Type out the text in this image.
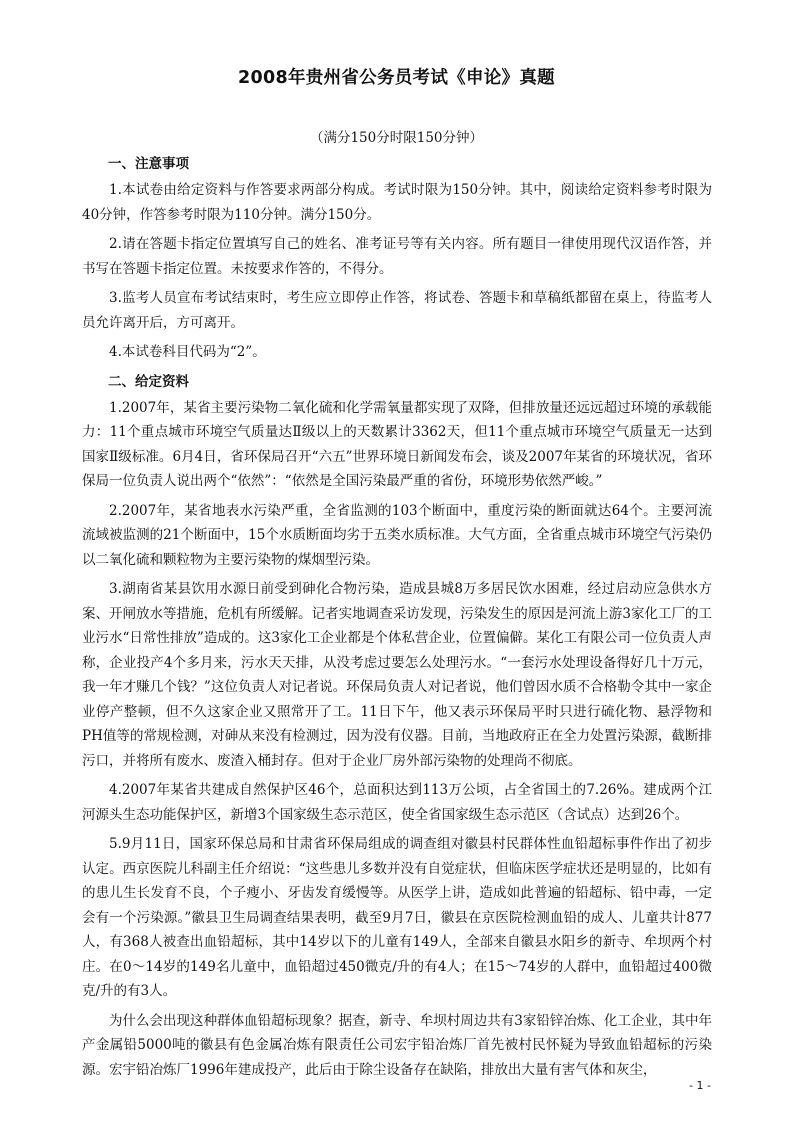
2008年贵州省公务员考试《申论》真题
（满分150分时限150分钟）
一、注意事项

1.本试卷由给定资料与作答要求两部分构成。考试时限为150分钟。其中，阅读给定资料参考时限为40分钟，作答参考时限为110分钟。满分150分。

2.请在答题卡指定位置填写自己的姓名、准考证号等有关内容。所有题目一律使用现代汉语作答，并书写在答题卡指定位置。未按要求作答的，不得分。

3.监考人员宣布考试结束时，考生应立即停止作答，将试卷、答题卡和草稿纸都留在桌上，待监考人员允许离开后，方可离开。

4.本试卷科目代码为“2”。

二、给定资料

1.2007年，某省主要污染物二氧化硫和化学需氧量都实现了双降，但排放量还远远超过环境的承载能力：11个重点城市环境空气质量达Ⅱ级以上的天数累计3362天，但11个重点城市环境空气质量无一达到国家Ⅱ级标准。6月4日，省环保局召开“六五”世界环境日新闻发布会，谈及2007年某省的环境状况，省环保局一位负责人说出两个“依然”：“依然是全国污染最严重的省份，环境形势依然严峻。”

2.2007年，某省地表水污染严重，全省监测的103个断面中，重度污染的断面就达64个。主要河流流域被监测的21个断面中，15个水质断面均劣于五类水质标准。大气方面，全省重点城市环境空气污染仍以二氧化硫和颗粒物为主要污染物的煤烟型污染。

3.湖南省某县饮用水源日前受到砷化合物污染，造成县城8万多居民饮水困难，经过启动应急供水方案、开闸放水等措施，危机有所缓解。记者实地调查采访发现，污染发生的原因是河流上游3家化工厂的工业污水“日常性排放”造成的。这3家化工企业都是个体私营企业，位置偏僻。某化工有限公司一位负责人声称，企业投产4个多月来，污水天天排，从没考虑过要怎么处理污水。“一套污水处理设备得好几十万元，我一年才赚几个钱？”这位负责人对记者说。环保局负责人对记者说，他们曾因水质不合格勒令其中一家企业停产整顿，但不久这家企业又照常开了工。11日下午，他又表示环保局平时只进行硫化物、悬浮物和PH值等的常规检测，对砷从来没有检测过，因为没有仪器。目前，当地政府正在全力处置污染源，截断排污口，并将所有废水、废渣入桶封存。但对于企业厂房外部污染物的处理尚不彻底。

4.2007年某省共建成自然保护区46个，总面积达到113万公顷，占全省国土的7.26%。建成两个江河源头生态功能保护区，新增3个国家级生态示范区，使全省国家级生态示范区（含试点）达到26个。

5.9月11日，国家环保总局和甘肃省环保局组成的调查组对徽县村民群体性血铅超标事件作出了初步认定。西京医院儿科副主任介绍说：“这些患儿多数并没有自觉症状，但临床医学症状还是明显的，比如有的患儿生长发育不良，个子瘦小、牙齿发育缓慢等。从医学上讲，造成如此普遍的铅超标、铅中毒，一定会有一个污染源。”徽县卫生局调查结果表明，截至9月7日，徽县在京医院检测血铅的成人、儿童共计877人，有368人被查出血铅超标，其中14岁以下的儿童有149人，全部来自徽县水阳乡的新寺、牟坝两个村庄。在0～14岁的149名儿童中，血铅超过450微克/升的有4人；在15～74岁的人群中，血铅超过400微克/升的有3人。

为什么会出现这种群体血铅超标现象？据查，新寺、牟坝村周边共有3家铅锌冶炼、化工企业，其中年产金属铅5000吨的徽县有色金属冶炼有限责任公司宏宇铅冶炼厂首先被村民怀疑为导致血铅超标的污染源。宏宇铅冶炼厂1996年建成投产，此后由于除尘设备存在缺陷，排放出大量有害气体和灰尘，

- 1 -
